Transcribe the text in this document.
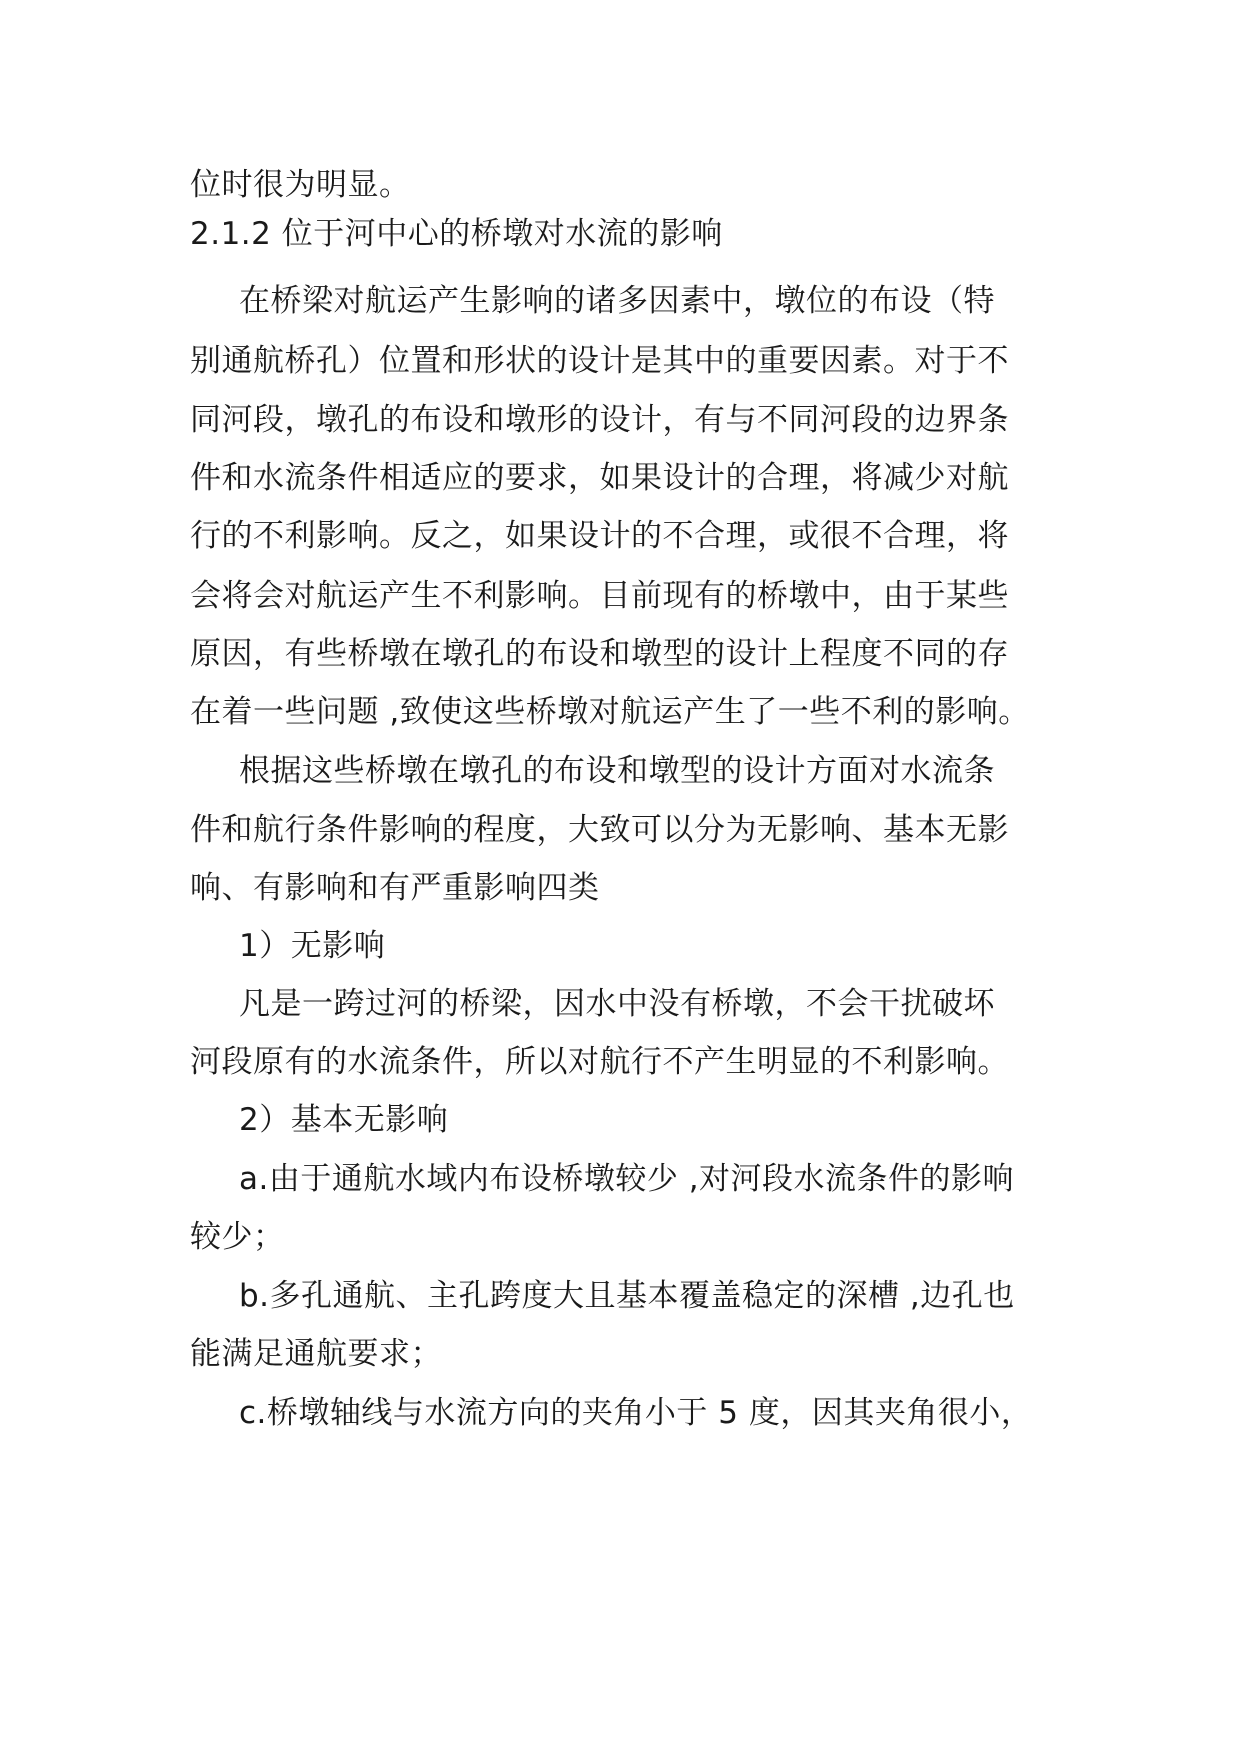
位时很为明显。
2.1.2 位于河中心的桥墩对水流的影响
在桥梁对航运产生影响的诸多因素中，墩位的布设（特
别通航桥孔）位置和形状的设计是其中的重要因素。对于不
同河段，墩孔的布设和墩形的设计，有与不同河段的边界条
件和水流条件相适应的要求，如果设计的合理，将减少对航
行的不利影响。反之，如果设计的不合理，或很不合理，将
会将会对航运产生不利影响。目前现有的桥墩中，由于某些
原因，有些桥墩在墩孔的布设和墩型的设计上程度不同的存
在着一些问题 ,致使这些桥墩对航运产生了一些不利的影响。
根据这些桥墩在墩孔的布设和墩型的设计方面对水流条
件和航行条件影响的程度，大致可以分为无影响、基本无影
响、有影响和有严重影响四类
1）无影响
凡是一跨过河的桥梁，因水中没有桥墩，不会干扰破坏
河段原有的水流条件，所以对航行不产生明显的不利影响。
2）基本无影响
a.由于通航水域内布设桥墩较少 ,对河段水流条件的影响
较少；
b.多孔通航、主孔跨度大且基本覆盖稳定的深槽 ,边孔也
能满足通航要求；
c.桥墩轴线与水流方向的夹角小于 5 度，因其夹角很小，
